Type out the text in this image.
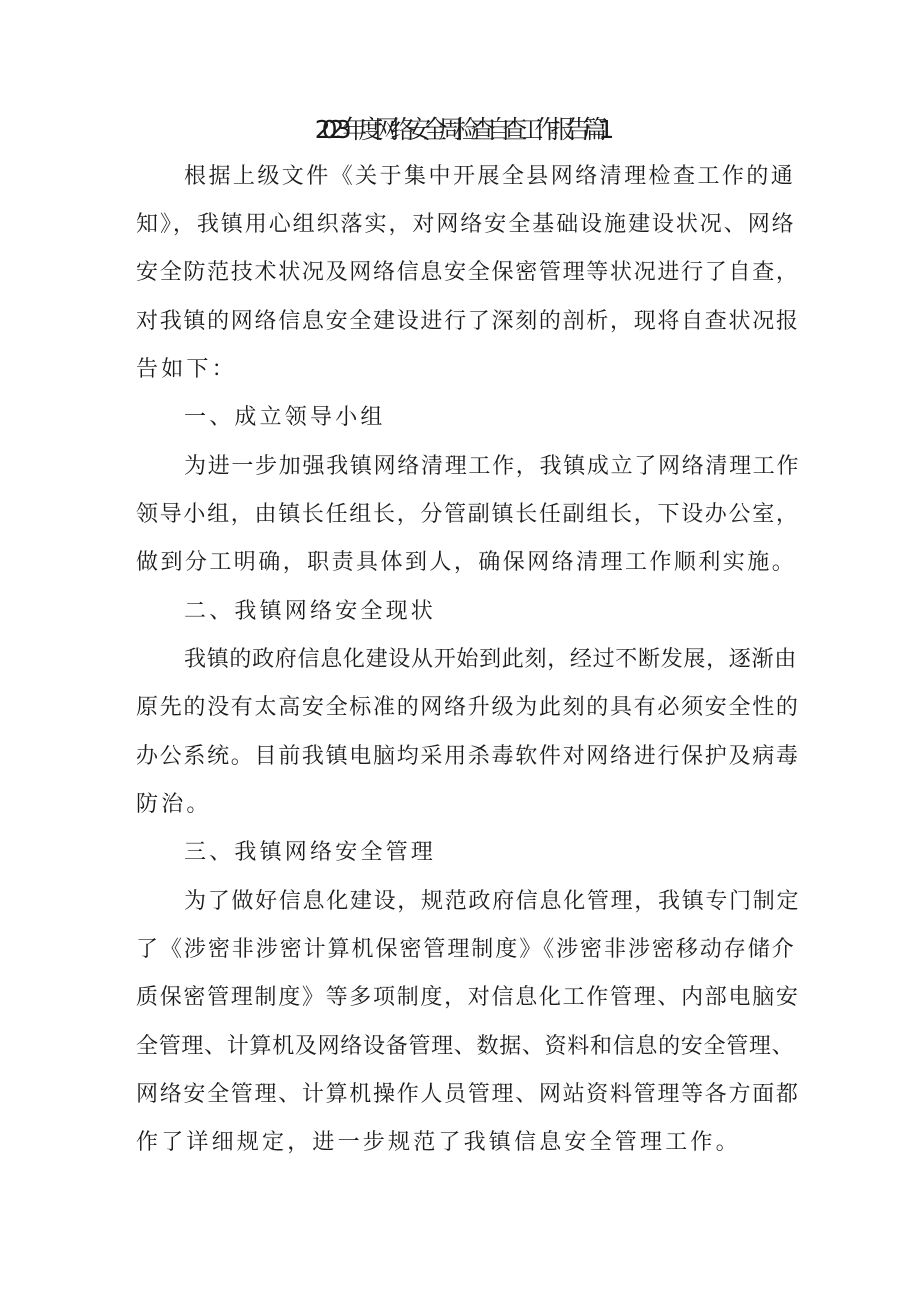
2023年度网络安全周检查自查工作报告篇1
根据上级文件《关于集中开展全县网络清理检查工作的通
知》，我镇用心组织落实，对网络安全基础设施建设状况、网络
安全防范技术状况及网络信息安全保密管理等状况进行了自查，
对我镇的网络信息安全建设进行了深刻的剖析，现将自查状况报
告如下：
一、成立领导小组
为进一步加强我镇网络清理工作，我镇成立了网络清理工作
领导小组，由镇长任组长，分管副镇长任副组长，下设办公室，
做到分工明确，职责具体到人，确保网络清理工作顺利实施。
二、我镇网络安全现状
我镇的政府信息化建设从开始到此刻，经过不断发展，逐渐由
原先的没有太高安全标准的网络升级为此刻的具有必须安全性的
办公系统。目前我镇电脑均采用杀毒软件对网络进行保护及病毒
防治。
三、我镇网络安全管理
为了做好信息化建设，规范政府信息化管理，我镇专门制定
了《涉密非涉密计算机保密管理制度》《涉密非涉密移动存储介
质保密管理制度》等多项制度，对信息化工作管理、内部电脑安
全管理、计算机及网络设备管理、数据、资料和信息的安全管理、
网络安全管理、计算机操作人员管理、网站资料管理等各方面都
作了详细规定，进一步规范了我镇信息安全管理工作。
